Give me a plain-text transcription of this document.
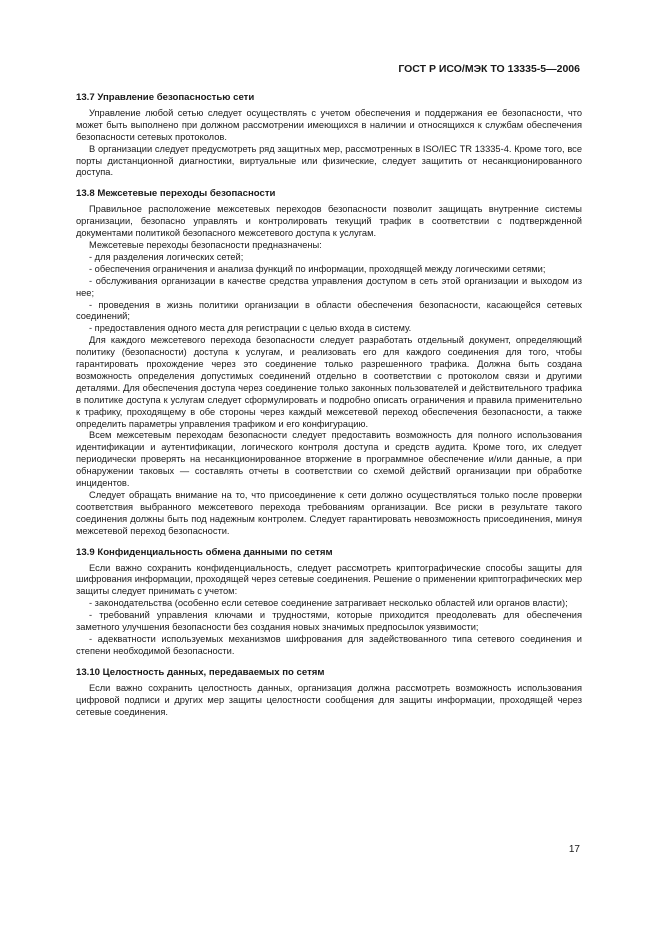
ГОСТ Р ИСО/МЭК ТО 13335-5—2006
13.7 Управление безопасностью сети

Управление любой сетью следует осуществлять с учетом обеспечения и поддержания ее безопасности, что может быть выполнено при должном рассмотрении имеющихся в наличии и относящихся к службам обеспечения безопасности сетевых протоколов.

В организации следует предусмотреть ряд защитных мер, рассмотренных в ISO/IEC TR 13335-4. Кроме того, все порты дистанционной диагностики, виртуальные или физические, следует защитить от несанкционированного доступа.

13.8 Межсетевые переходы безопасности

Правильное расположение межсетевых переходов безопасности позволит защищать внутренние системы организации, безопасно управлять и контролировать текущий трафик в соответствии с подтвержденной документами политикой безопасного межсетевого доступа к услугам.

Межсетевые переходы безопасности предназначены:

- для разделения логических сетей;

- обеспечения ограничения и анализа функций по информации, проходящей между логическими сетями;

- обслуживания организации в качестве средства управления доступом в сеть этой организации и выходом из нее;

- проведения в жизнь политики организации в области обеспечения безопасности, касающейся сетевых соединений;

- предоставления одного места для регистрации с целью входа в систему.

Для каждого межсетевого перехода безопасности следует разработать отдельный документ, определяющий политику (безопасности) доступа к услугам, и реализовать его для каждого соединения для того, чтобы гарантировать прохождение через это соединение только разрешенного трафика. Должна быть создана возможность определения допустимых соединений отдельно в соответствии с протоколом связи и другими деталями. Для обеспечения доступа через соединение только законных пользователей и действительного трафика в политике доступа к услугам следует сформулировать и подробно описать ограничения и правила применительно к трафику, проходящему в обе стороны через каждый межсетевой переход обеспечения безопасности, а также определить параметры управления трафиком и его конфигурацию.

Всем межсетевым переходам безопасности следует предоставить возможность для полного использования идентификации и аутентификации, логического контроля доступа и средств аудита. Кроме того, их следует периодически проверять на несанкционированное вторжение в программное обеспечение и/или данные, а при обнаружении таковых — составлять отчеты в соответствии со схемой действий организации при обработке инцидентов.

Следует обращать внимание на то, что присоединение к сети должно осуществляться только после проверки соответствия выбранного межсетевого перехода требованиям организации. Все риски в результате такого соединения должны быть под надежным контролем. Следует гарантировать невозможность присоединения, минуя межсетевой переход безопасности.

13.9 Конфиденциальность обмена данными по сетям

Если важно сохранить конфиденциальность, следует рассмотреть криптографические способы защиты для шифрования информации, проходящей через сетевые соединения. Решение о применении криптографических мер защиты следует принимать с учетом:

- законодательства (особенно если сетевое соединение затрагивает несколько областей или органов власти);

- требований управления ключами и трудностями, которые приходится преодолевать для обеспечения заметного улучшения безопасности без создания новых значимых предпосылок уязвимости;

- адекватности используемых механизмов шифрования для задействованного типа сетевого соединения и степени необходимой безопасности.

13.10 Целостность данных, передаваемых по сетям

Если важно сохранить целостность данных, организация должна рассмотреть возможность использования цифровой подписи и других мер защиты целостности сообщения для защиты информации, проходящей через сетевые соединения.

17
